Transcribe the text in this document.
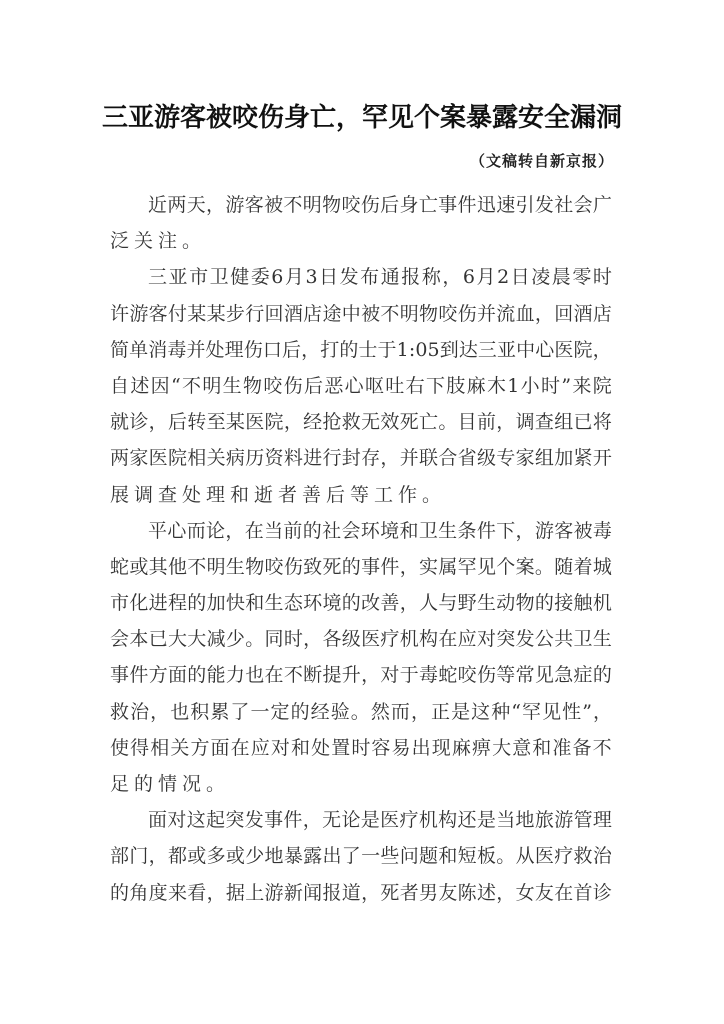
三亚游客被咬伤身亡，罕见个案暴露安全漏洞
（文稿转自新京报）
近 两 天 ， 游 客 被 不 明 物 咬 伤 后 身 亡 事 件 迅 速 引 发 社 会 广
泛关注。
三 亚 市 卫 健 委 6 月 3 日 发 布 通 报 称 ， 6 月 2 日 凌 晨 零 时
许 游 客 付 某 某 步 行 回 酒 店 途 中 被 不 明 物 咬 伤 并 流 血 ， 回 酒 店
简 单 消 毒 并 处 理 伤 口 后 ， 打 的 士 于 1 : 0 5 到 达 三 亚 中 心 医 院 ，
自 述 因 “ 不 明 生 物 咬 伤 后 恶 心 呕 吐 右 下 肢 麻 木 1 小 时 ” 来 院
就 诊 ， 后 转 至 某 医 院 ， 经 抢 救 无 效 死 亡 。 目 前 ， 调 查 组 已 将
两 家 医 院 相 关 病 历 资 料 进 行 封 存 ， 并 联 合 省 级 专 家 组 加 紧 开
展调查处理和逝者善后等工作。
平 心 而 论 ， 在 当 前 的 社 会 环 境 和 卫 生 条 件 下 ， 游 客 被 毒
蛇 或 其 他 不 明 生 物 咬 伤 致 死 的 事 件 ， 实 属 罕 见 个 案 。 随 着 城
市 化 进 程 的 加 快 和 生 态 环 境 的 改 善 ， 人 与 野 生 动 物 的 接 触 机
会 本 已 大 大 减 少 。 同 时 ， 各 级 医 疗 机 构 在 应 对 突 发 公 共 卫 生
事 件 方 面 的 能 力 也 在 不 断 提 升 ， 对 于 毒 蛇 咬 伤 等 常 见 急 症 的
救 治 ， 也 积 累 了 一 定 的 经 验 。 然 而 ， 正 是 这 种 “ 罕 见 性 ” ，
使 得 相 关 方 面 在 应 对 和 处 置 时 容 易 出 现 麻 痹 大 意 和 准 备 不
足的情况。
面 对 这 起 突 发 事 件 ， 无 论 是 医 疗 机 构 还 是 当 地 旅 游 管 理
部 门 ， 都 或 多 或 少 地 暴 露 出 了 一 些 问 题 和 短 板 。 从 医 疗 救 治
的 角 度 来 看 ， 据 上 游 新 闻 报 道 ， 死 者 男 友 陈 述 ， 女 友 在 首 诊
